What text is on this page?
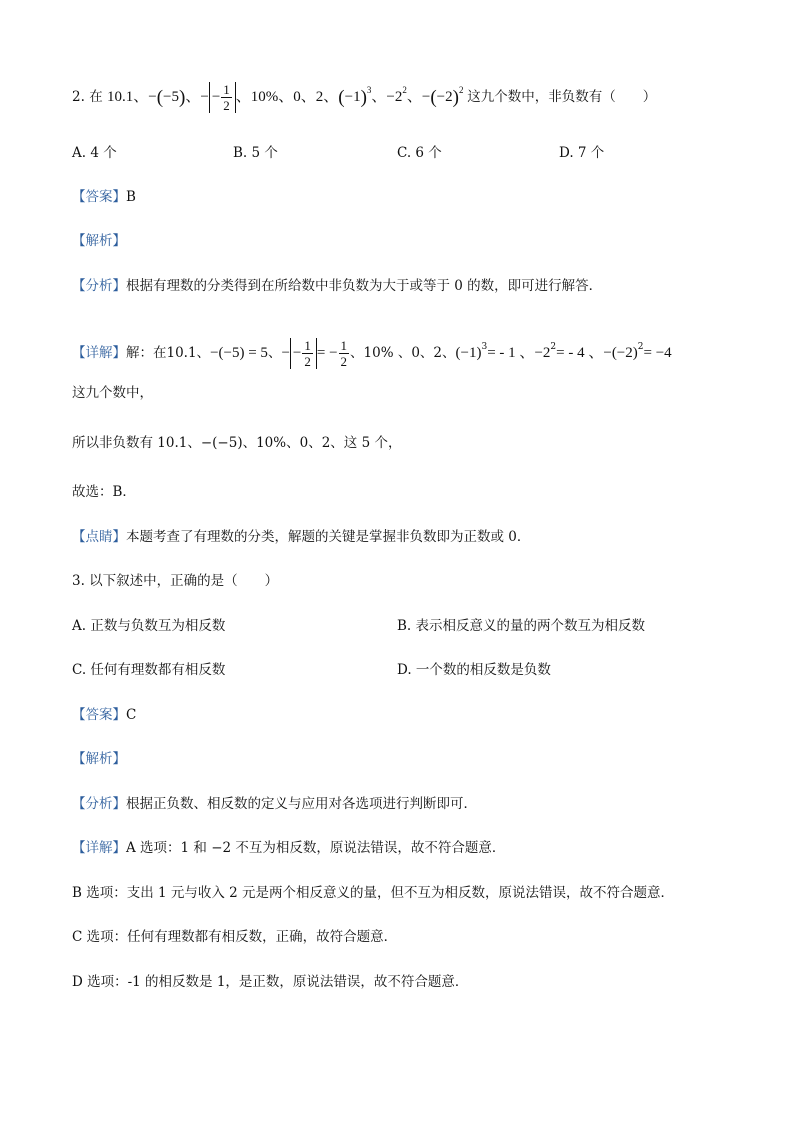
2. 在 10.1、−(−5)、− − $\frac{1}{2}$ 、10%、0、2、$(-1)^3$、$-2^2$、$-(-2)^2$ 这九个数中，非负数有（　　）
A. 4 个	B. 5 个	C. 6 个	D. 7 个
【答案】B
【解析】
【分析】根据有理数的分类得到在所给数中非负数为大于或等于 0 的数，即可进行解答．
【详解】解：在10.1、−(−5) = 5、− − $\frac{1}{2}$ = − $\frac{1}{2}$ 、10% 、0、2、$(-1)^3= - 1$ 、$-2^2= - 4$ 、$-(-2)^2= -4$
这九个数中，
所以非负数有 10.1、−(−5)、10%、0、2、这 5 个，
故选：B．
【点睛】本题考查了有理数的分类，解题的关键是掌握非负数即为正数或 0．
3. 以下叙述中，正确的是（　　）
A. 正数与负数互为相反数	B. 表示相反意义的量的两个数互为相反数
C. 任何有理数都有相反数	D. 一个数的相反数是负数
【答案】C
【解析】
【分析】根据正负数、相反数的定义与应用对各选项进行判断即可．
【详解】A 选项：1 和 −2 不互为相反数，原说法错误，故不符合题意．
B 选项：支出 1 元与收入 2 元是两个相反意义的量，但不互为相反数，原说法错误，故不符合题意．
C 选项：任何有理数都有相反数，正确，故符合题意．
D 选项：-1 的相反数是 1，是正数，原说法错误，故不符合题意．
